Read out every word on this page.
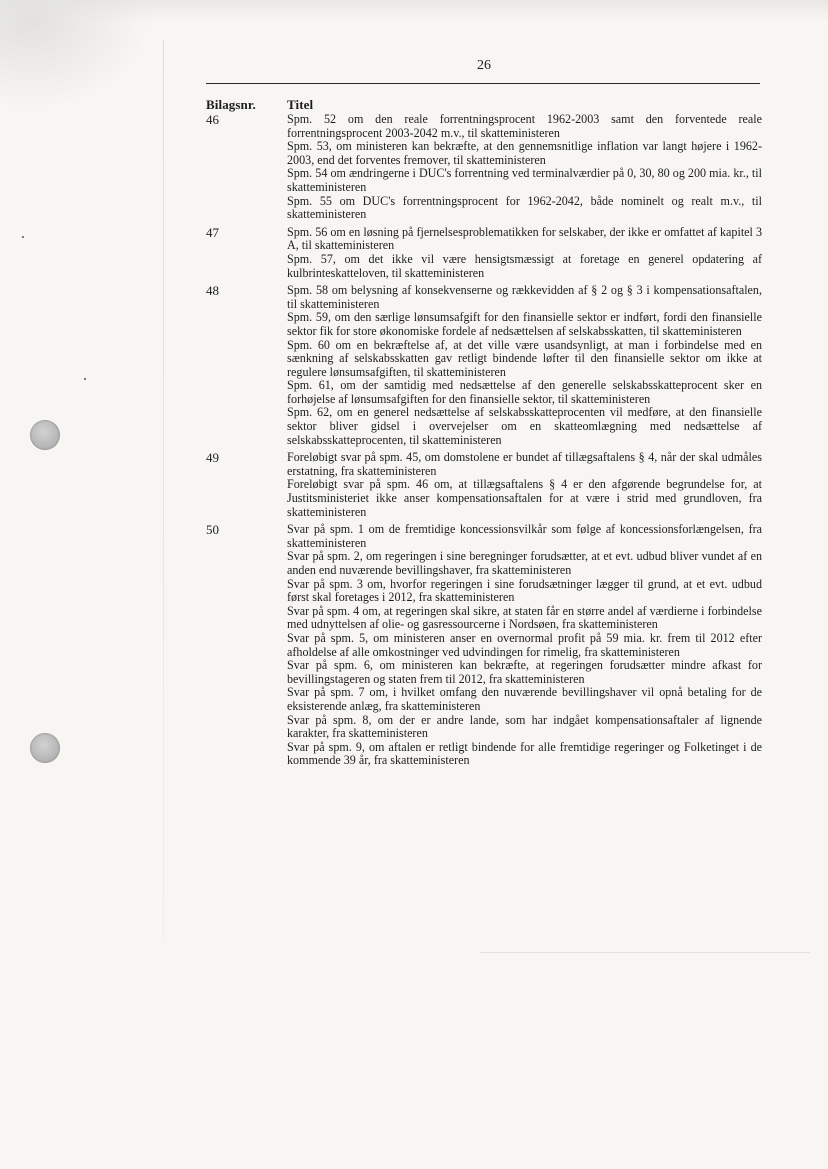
26
Bilagsnr. Titel
46	Spm. 52 om den reale forrentningsprocent 1962-2003 samt den forventede reale forrentningsprocent 2003-2042 m.v., til skatteministeren

Spm. 53, om ministeren kan bekræfte, at den gennemsnitlige inflation var langt højere i 1962-2003, end det forventes fremover, til skatteministeren

Spm. 54 om ændringerne i DUC's forrentning ved terminalværdier på 0, 30, 80 og 200 mia. kr., til skatteministeren

Spm. 55 om DUC's forrentningsprocent for 1962-2042, både nominelt og realt m.v., til skatteministeren

47	Spm. 56 om en løsning på fjernelsesproblematikken for selskaber, der ikke er omfattet af kapitel 3 A, til skatteministeren

Spm. 57, om det ikke vil være hensigtsmæssigt at foretage en generel opdatering af kulbrinteskatteloven, til skatteministeren

48	Spm. 58 om belysning af konsekvenserne og rækkevidden af § 2 og § 3 i kompensationsaftalen, til skatteministeren

Spm. 59, om den særlige lønsumsafgift for den finansielle sektor er indført, fordi den finansielle sektor fik for store økonomiske fordele af nedsættelsen af selskabsskatten, til skatteministeren

Spm. 60 om en bekræftelse af, at det ville være usandsynligt, at man i forbindelse med en sænkning af selskabsskatten gav retligt bindende løfter til den finansielle sektor om ikke at regulere lønsumsafgiften, til skatteministeren

Spm. 61, om der samtidig med nedsættelse af den generelle selskabsskatteprocent sker en forhøjelse af lønsumsafgiften for den finansielle sektor, til skatteministeren

Spm. 62, om en generel nedsættelse af selskabsskatteprocenten vil medføre, at den finansielle sektor bliver gidsel i overvejelser om en skatteomlægning med nedsættelse af selskabsskatteprocenten, til skatteministeren

49	Foreløbigt svar på spm. 45, om domstolene er bundet af tillægsaftalens § 4, når der skal udmåles erstatning, fra skatteministeren

Foreløbigt svar på spm. 46 om, at tillægsaftalens § 4 er den afgørende begrundelse for, at Justitsministeriet ikke anser kompensationsaftalen for at være i strid med grundloven, fra skatteministeren

50	Svar på spm. 1 om de fremtidige koncessionsvilkår som følge af koncessionsforlængelsen, fra skatteministeren

Svar på spm. 2, om regeringen i sine beregninger forudsætter, at et evt. udbud bliver vundet af en anden end nuværende bevillingshaver, fra skatteministeren

Svar på spm. 3 om, hvorfor regeringen i sine forudsætninger lægger til grund, at et evt. udbud først skal foretages i 2012, fra skatteministeren

Svar på spm. 4 om, at regeringen skal sikre, at staten får en større andel af værdierne i forbindelse med udnyttelsen af olie- og gasressourcerne i Nordsøen, fra skatteministeren

Svar på spm. 5, om ministeren anser en overnormal profit på 59 mia. kr. frem til 2012 efter afholdelse af alle omkostninger ved udvindingen for rimelig, fra skatteministeren

Svar på spm. 6, om ministeren kan bekræfte, at regeringen forudsætter mindre afkast for bevillingstageren og staten frem til 2012, fra skatteministeren

Svar på spm. 7 om, i hvilket omfang den nuværende bevillingshaver vil opnå betaling for de eksisterende anlæg, fra skatteministeren

Svar på spm. 8, om der er andre lande, som har indgået kompensationsaftaler af lignende karakter, fra skatteministeren

Svar på spm. 9, om aftalen er retligt bindende for alle fremtidige regeringer og Folketinget i de kommende 39 år, fra skatteministeren
